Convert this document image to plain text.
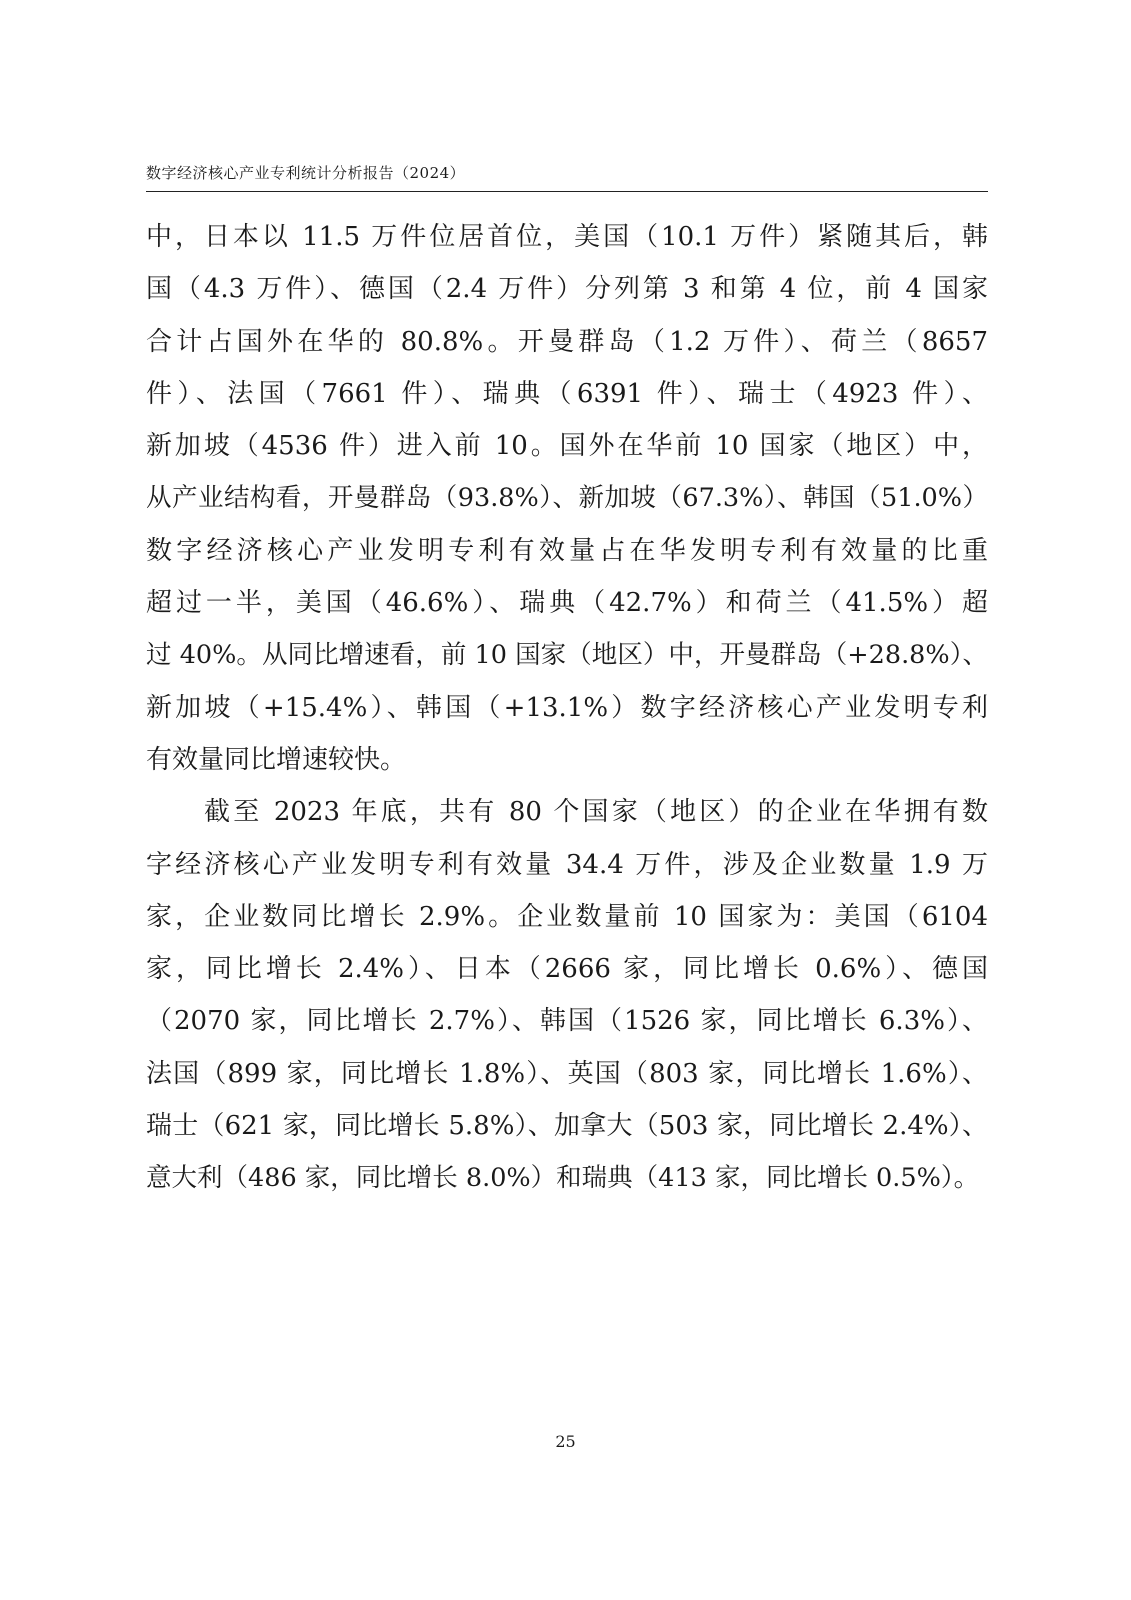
数字经济核心产业专利统计分析报告（2024）
中，日本以 11.5 万件位居首位，美国（10.1 万件）紧随其后，韩
国（4.3 万件）、德国（2.4 万件）分列第 3 和第 4 位，前 4 国家
合计占国外在华的 80.8%。开曼群岛（1.2 万件）、荷兰（8657
件）、法国（7661 件）、瑞典（6391 件）、瑞士（4923 件）、
新加坡（4536 件）进入前 10。国外在华前 10 国家（地区）中，
从产业结构看，开曼群岛（93.8%）、新加坡（67.3%）、韩国（51.0%）
数字经济核心产业发明专利有效量占在华发明专利有效量的比重
超过一半，美国（46.6%）、瑞典（42.7%）和荷兰（41.5%）超
过 40%。从同比增速看，前 10 国家（地区）中，开曼群岛（+28.8%）、
新加坡（+15.4%）、韩国（+13.1%）数字经济核心产业发明专利
有效量同比增速较快。
截至 2023 年底，共有 80 个国家（地区）的企业在华拥有数
字经济核心产业发明专利有效量 34.4 万件，涉及企业数量 1.9 万
家，企业数同比增长 2.9%。企业数量前 10 国家为：美国（6104
家，同比增长 2.4%）、日本（2666 家，同比增长 0.6%）、德国
（2070 家，同比增长 2.7%）、韩国（1526 家，同比增长 6.3%）、
法国（899 家，同比增长 1.8%）、英国（803 家，同比增长 1.6%）、
瑞士（621 家，同比增长 5.8%）、加拿大（503 家，同比增长 2.4%）、
意大利（486 家，同比增长 8.0%）和瑞典（413 家，同比增长 0.5%）。
25
